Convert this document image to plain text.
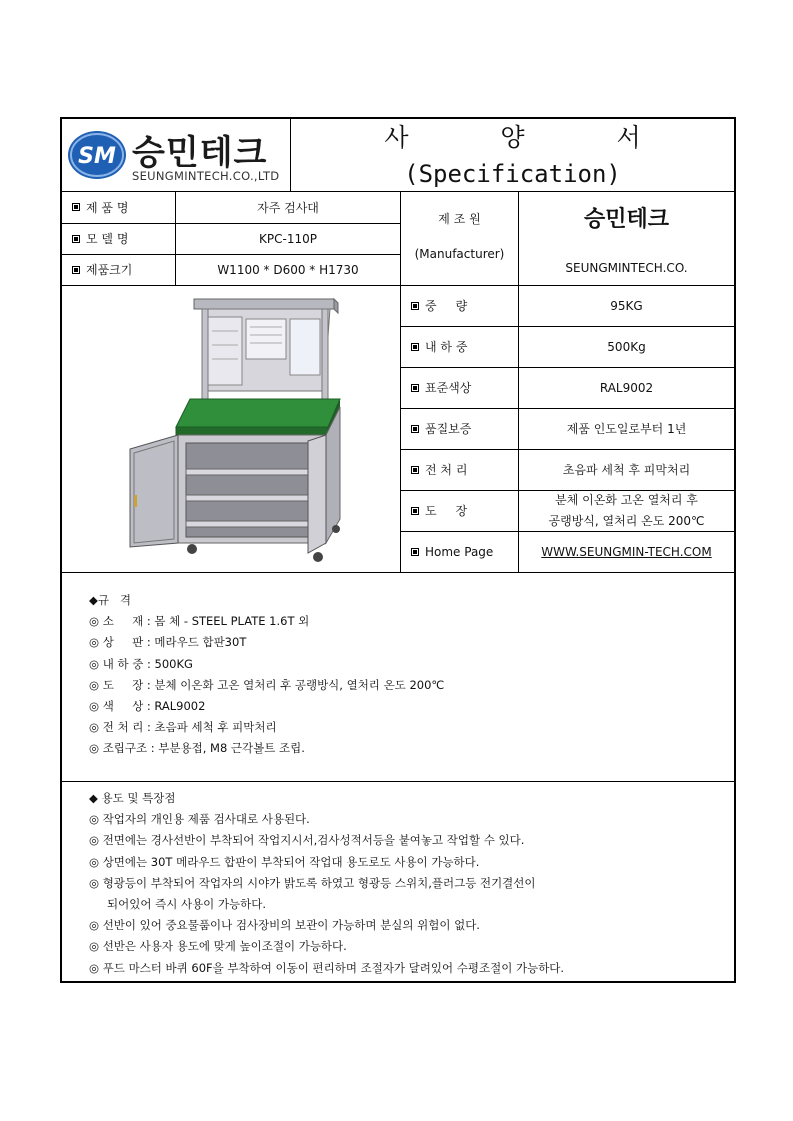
SM 승민테크
SEUNGMINTECH.CO.,LTD
사 양 서
(Specification)
제 품 명	자주 검사대
모 델 명	KPC-110P
제품크기	W1100 * D600 * H1730
제 조 원
(Manufacturer)
승민테크
SEUNGMINTECH.CO.
중     량	95KG
내 하 중	500Kg
표준색상	RAL9002
품질보증	제품 인도일로부터 1년
전 처 리	초음파 세척 후 피막처리
도     장
분체 이온화 고온 열처리 후
공랭방식, 열처리 온도 200℃
Home Page	WWW.SEUNGMIN-TECH.COM
◆규   격
◎ 소     재 : 몸 체 - STEEL PLATE 1.6T 외
◎ 상     판 : 메라우드 합판30T
◎ 내 하 중 : 500KG
◎ 도     장 : 분체 이온화 고온 열처리 후 공랭방식, 열처리 온도 200℃
◎ 색     상 : RAL9002
◎ 전 처 리 : 초음파 세척 후 피막처리
◎ 조립구조 : 부분용접, M8 근각볼트 조립.
◆ 용도 및 특장점
◎ 작업자의 개인용 제품 검사대로 사용된다.
◎ 전면에는 경사선반이 부착되어 작업지시서,검사성적서등을 붙여놓고 작업할 수 있다.
◎ 상면에는 30T 메라우드 합판이 부착되어 작업대 용도로도 사용이 가능하다.
◎ 형광등이 부착되어 작업자의 시야가 밝도록 하였고 형광등 스위치,플러그등 전기결선이
되어있어 즉시 사용이 가능하다.
◎ 선반이 있어 중요물품이나 검사장비의 보관이 가능하며 분실의 위험이 없다.
◎ 선반은 사용자 용도에 맞게 높이조절이 가능하다.
◎ 푸드 마스터 바퀴 60F을 부착하여 이동이 편리하며 조절자가 달려있어 수평조절이 가능하다.
